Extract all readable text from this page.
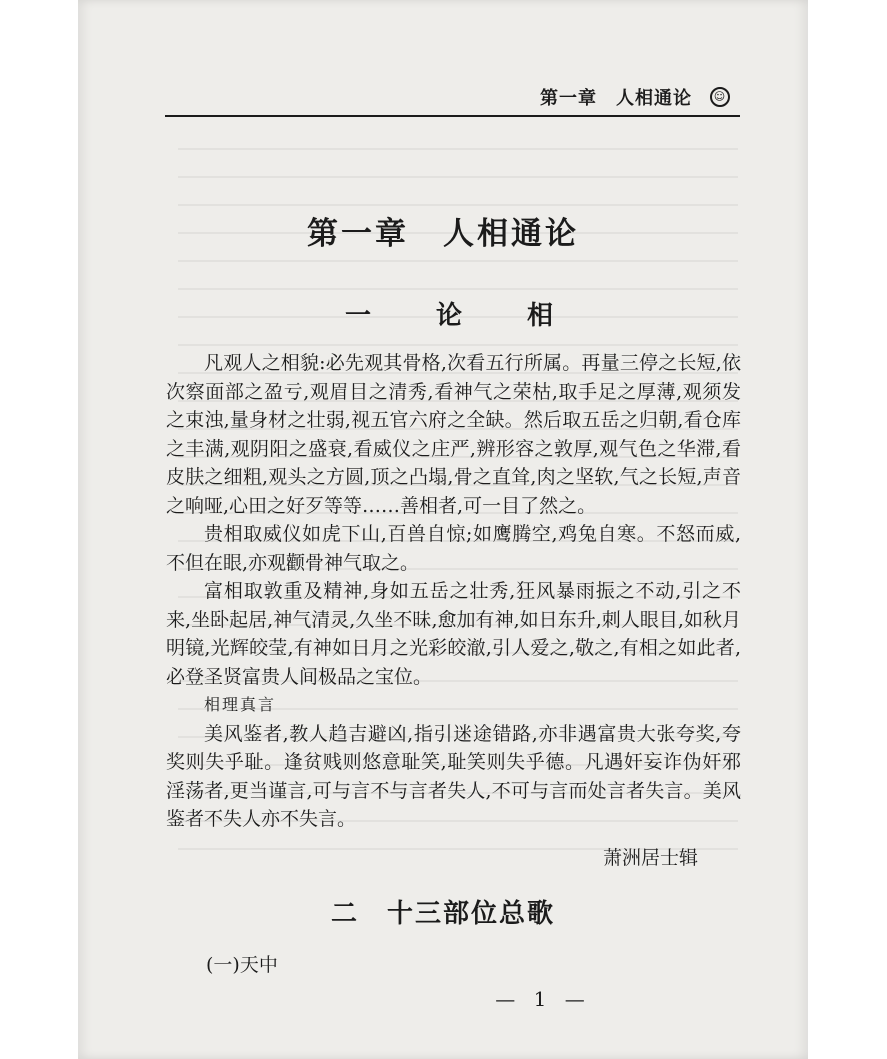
第一章　人相通论	☺
第一章　人相通论
一 论 相

凡观人之相貌:必先观其骨格,次看五行所属。再量三停之长短,依次察面部之盈亏,观眉目之清秀,看神气之荣枯,取手足之厚薄,观须发之束浊,量身材之壮弱,视五官六府之全缺。然后取五岳之归朝,看仓库之丰满,观阴阳之盛衰,看威仪之庄严,辨形容之敦厚,观气色之华滞,看皮肤之细粗,观头之方圆,顶之凸塌,骨之直耸,肉之坚软,气之长短,声音之响哑,心田之好歹等等……善相者,可一目了然之。

贵相取威仪如虎下山,百兽自惊;如鹰腾空,鸡兔自寒。不怒而威,不但在眼,亦观颧骨神气取之。

富相取敦重及精神,身如五岳之壮秀,狂风暴雨振之不动,引之不来,坐卧起居,神气清灵,久坐不昧,愈加有神,如日东升,刺人眼目,如秋月明镜,光辉皎莹,有神如日月之光彩皎澈,引人爱之,敬之,有相之如此者,必登圣贤富贵人间极品之宝位。

相理真言

美风鉴者,教人趋吉避凶,指引迷途错路,亦非遇富贵大张夸奖,夸奖则失乎耻。逢贫贱则悠意耻笑,耻笑则失乎德。凡遇奸妄诈伪奸邪淫荡者,更当谨言,可与言不与言者失人,不可与言而处言者失言。美风鉴者不失人亦不失言。

萧洲居士辑
二　十三部位总歌
(一)天中
— 1 —
